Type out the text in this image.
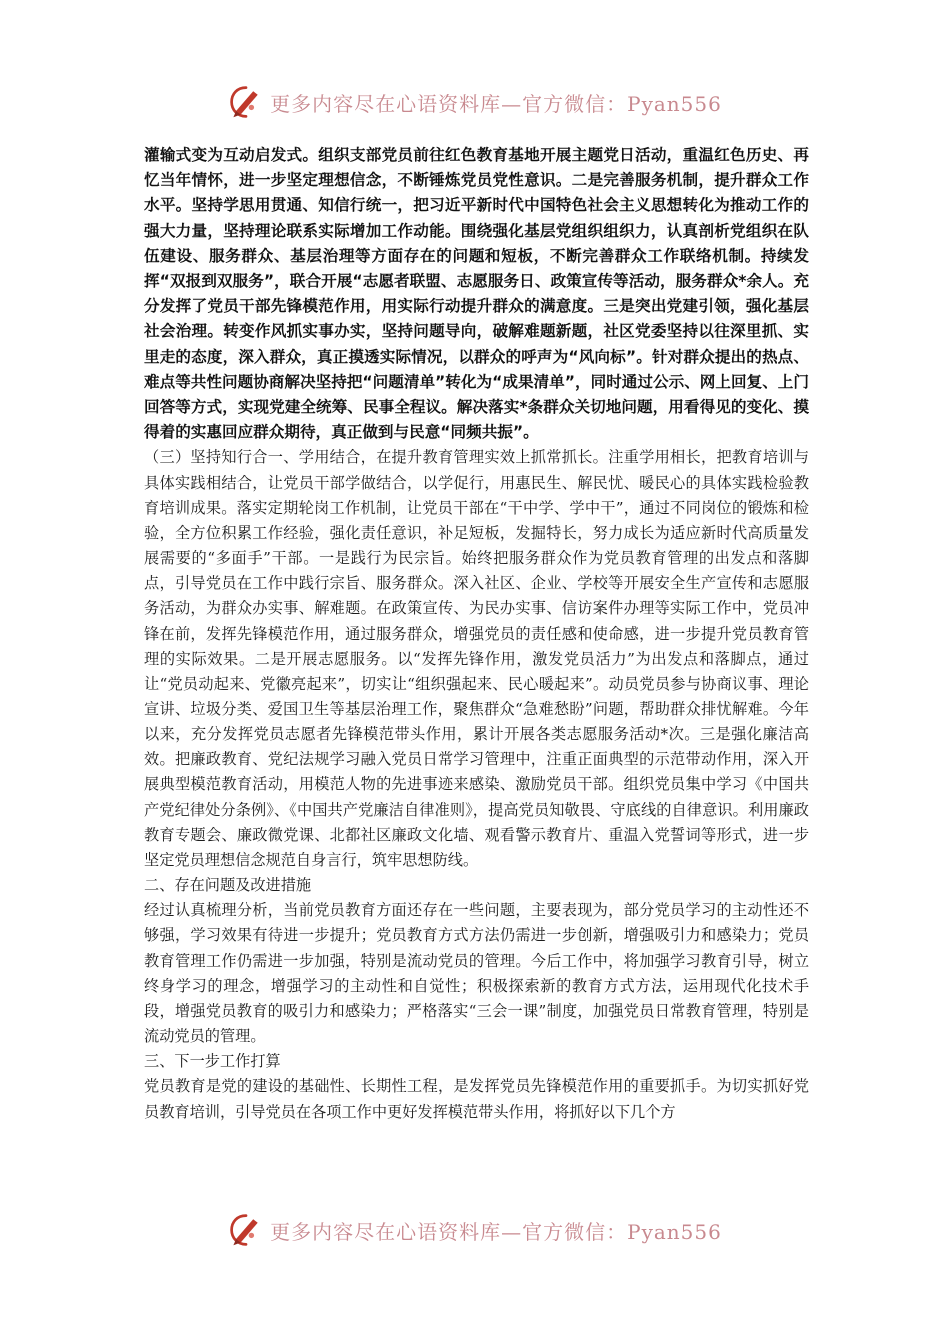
更多内容尽在心语资料库—官方微信：Pyan556

灌输式变为互动启发式。组织支部党员前往红色教育基地开展主题党日活动，重温红色历史、再忆当年情怀，进一步坚定理想信念，不断锤炼党员党性意识。二是完善服务机制，提升群众工作水平。坚持学思用贯通、知信行统一，把习近平新时代中国特色社会主义思想转化为推动工作的强大力量，坚持理论联系实际增加工作动能。围绕强化基层党组织组织力，认真剖析党组织在队伍建设、服务群众、基层治理等方面存在的问题和短板，不断完善群众工作联络机制。持续发挥“双报到双服务”，联合开展“志愿者联盟、志愿服务日、政策宣传等活动，服务群众*余人。充分发挥了党员干部先锋模范作用，用实际行动提升群众的满意度。三是突出党建引领，强化基层社会治理。转变作风抓实事办实，坚持问题导向，破解难题新题，社区党委坚持以往深里抓、实里走的态度，深入群众，真正摸透实际情况，以群众的呼声为“风向标”。针对群众提出的热点、难点等共性问题协商解决坚持把“问题清单”转化为“成果清单”，同时通过公示、网上回复、上门回答等方式，实现党建全统筹、民事全程议。解决落实*条群众关切地问题，用看得见的变化、摸得着的实惠回应群众期待，真正做到与民意“同频共振”。

（三）坚持知行合一、学用结合，在提升教育管理实效上抓常抓长。注重学用相长，把教育培训与具体实践相结合，让党员干部学做结合，以学促行，用惠民生、解民忧、暖民心的具体实践检验教育培训成果。落实定期轮岗工作机制，让党员干部在“干中学、学中干”，通过不同岗位的锻炼和检验，全方位积累工作经验，强化责任意识，补足短板，发掘特长，努力成长为适应新时代高质量发展需要的“多面手”干部。一是践行为民宗旨。始终把服务群众作为党员教育管理的出发点和落脚点，引导党员在工作中践行宗旨、服务群众。深入社区、企业、学校等开展安全生产宣传和志愿服务活动，为群众办实事、解难题。在政策宣传、为民办实事、信访案件办理等实际工作中，党员冲锋在前，发挥先锋模范作用，通过服务群众，增强党员的责任感和使命感，进一步提升党员教育管理的实际效果。二是开展志愿服务。以“发挥先锋作用，激发党员活力”为出发点和落脚点，通过让“党员动起来、党徽亮起来”，切实让“组织强起来、民心暖起来”。动员党员参与协商议事、理论宣讲、垃圾分类、爱国卫生等基层治理工作，聚焦群众“急难愁盼”问题，帮助群众排忧解难。今年以来，充分发挥党员志愿者先锋模范带头作用，累计开展各类志愿服务活动*次。三是强化廉洁高效。把廉政教育、党纪法规学习融入党员日常学习管理中，注重正面典型的示范带动作用，深入开展典型模范教育活动，用模范人物的先进事迹来感染、激励党员干部。组织党员集中学习《中国共产党纪律处分条例》、《中国共产党廉洁自律准则》，提高党员知敬畏、守底线的自律意识。利用廉政教育专题会、廉政微党课、北都社区廉政文化墙、观看警示教育片、重温入党誓词等形式，进一步坚定党员理想信念规范自身言行，筑牢思想防线。

二、存在问题及改进措施

经过认真梳理分析，当前党员教育方面还存在一些问题，主要表现为，部分党员学习的主动性还不够强，学习效果有待进一步提升；党员教育方式方法仍需进一步创新，增强吸引力和感染力；党员教育管理工作仍需进一步加强，特别是流动党员的管理。今后工作中，将加强学习教育引导，树立终身学习的理念，增强学习的主动性和自觉性；积极探索新的教育方式方法，运用现代化技术手段，增强党员教育的吸引力和感染力；严格落实“三会一课”制度，加强党员日常教育管理，特别是流动党员的管理。

三、下一步工作打算

党员教育是党的建设的基础性、长期性工程，是发挥党员先锋模范作用的重要抓手。为切实抓好党员教育培训，引导党员在各项工作中更好发挥模范带头作用，将抓好以下几个方

更多内容尽在心语资料库—官方微信：Pyan556
